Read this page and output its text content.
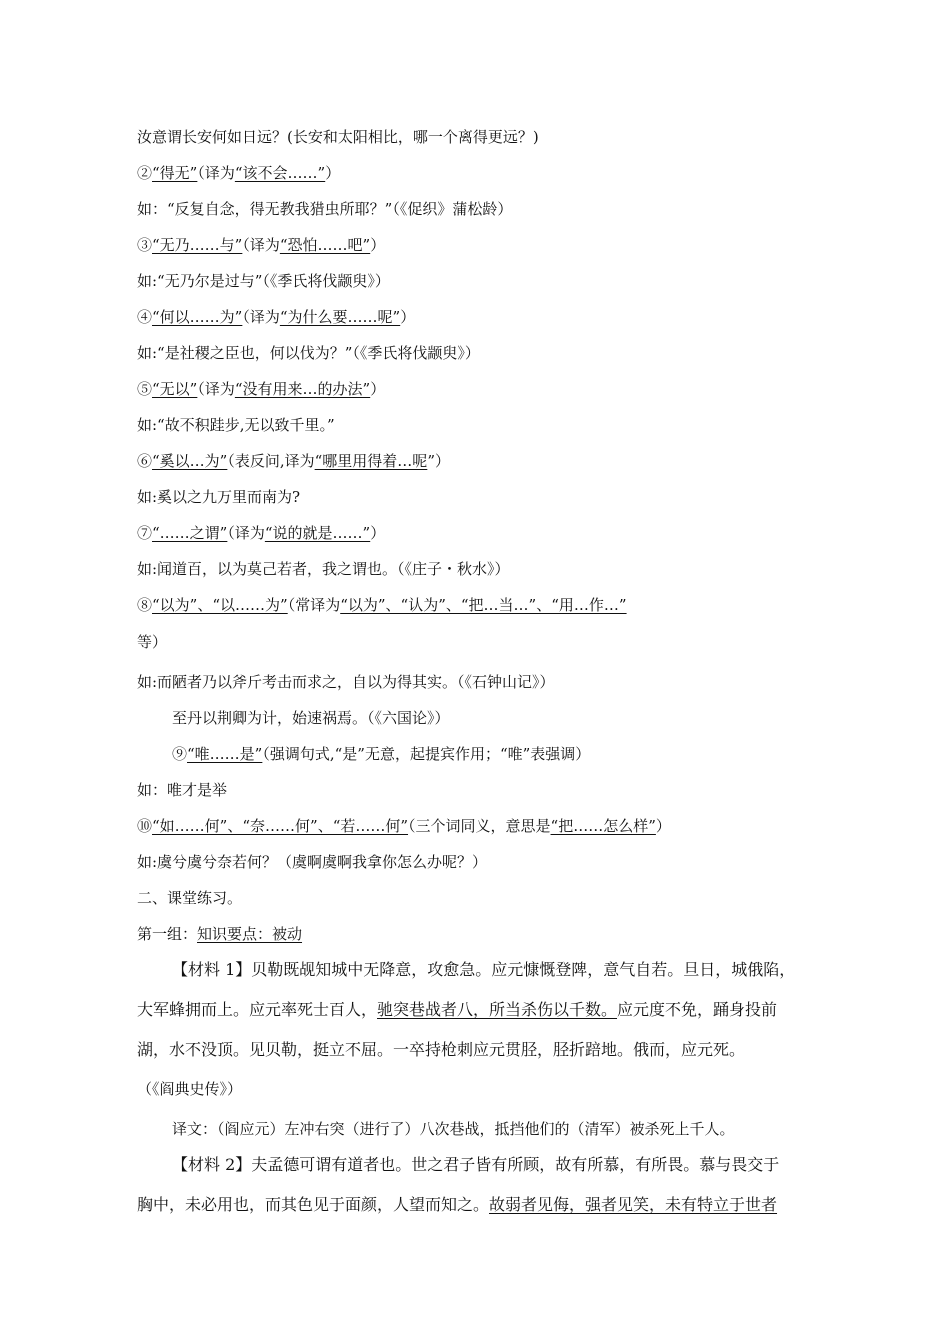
汝意谓长安何如日远？(长安和太阳相比，哪一个离得更远？)
②“得无”（译为“该不会……”）
如：“反复自念，得无教我猎虫所耶？”（《促织》蒲松龄）
③“无乃……与”（译为“恐怕……吧”）
如:“无乃尔是过与”（《季氏将伐颛臾》）
④“何以……为”（译为“为什么要……呢”）
如:“是社稷之臣也，何以伐为？”（《季氏将伐颛臾》）
⑤“无以”（译为“没有用来…的办法”）
如:“故不积跬步,无以致千里。”
⑥“奚以…为”（表反问,译为“哪里用得着…呢”）
如:奚以之九万里而南为?
⑦“……之谓”（译为“说的就是……”）
如:闻道百，以为莫己若者，我之谓也。（《庄子・秋水》）
⑧“以为”、“以……为”（常译为“以为”、“认为”、“把…当…”、“用…作…”
等）
如:而陋者乃以斧斤考击而求之，自以为得其实。（《石钟山记》）
至丹以荆卿为计，始速祸焉。（《六国论》）
⑨“唯……是”（强调句式,“是”无意，起提宾作用；“唯”表强调）
如：唯才是举
⑩“如……何”、“奈……何”、“若……何”（三个词同义，意思是“把……怎么样”）
如:虞兮虞兮奈若何？（虞啊虞啊我拿你怎么办呢？）
二、课堂练习。
第一组：知识要点：被动
【材料 1】贝勒既觇知城中无降意，攻愈急。应元慷慨登陴，意气自若。旦日，城俄陷，
大军蜂拥而上。应元率死士百人，驰突巷战者八，所当杀伤以千数。应元度不免，踊身投前
湖，水不没顶。见贝勒，挺立不屈。一卒持枪刺应元贯胫，胫折踣地。俄而，应元死。
（《阎典史传》）
译文：（阎应元）左冲右突（进行了）八次巷战，抵挡他们的（清军）被杀死上千人。
【材料 2】夫孟德可谓有道者也。世之君子皆有所顾，故有所慕，有所畏。慕与畏交于
胸中，未必用也，而其色见于面颜，人望而知之。故弱者见侮，强者见笑，未有特立于世者
